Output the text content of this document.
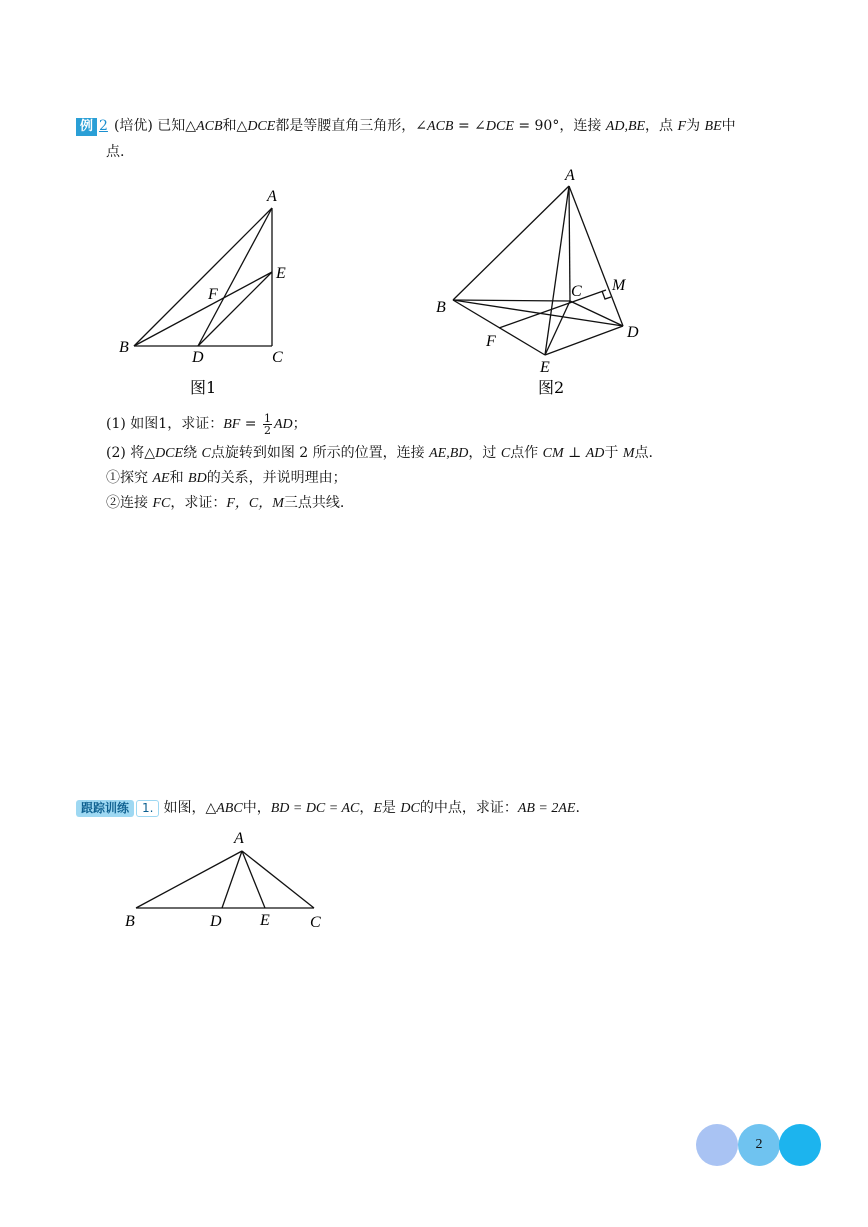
例 2 (培优) 已知△ACB和△DCE都是等腰直角三角形，∠ACB = ∠DCE = 90°，连接 AD,BE，点 F为 BE中
点.
A
E
F
B
D	C
图1
A
M
C
B
D
F
E
图2
(1) 如图1，求证：BF = $\frac{1}{2}$ AD；
(2) 将△DCE绕 C点旋转到如图 2 所示的位置，连接 AE,BD，过 C点作 CM ⊥ AD于 M点.
①探究 AE和 BD的关系，并说明理由；
②连接 FC，求证：F，C，M三点共线.
跟踪训练 1. 如图，△ABC中，BD = DC = AC，E是 DC的中点，求证：AB = 2AE.
A
B	D E	C
2
